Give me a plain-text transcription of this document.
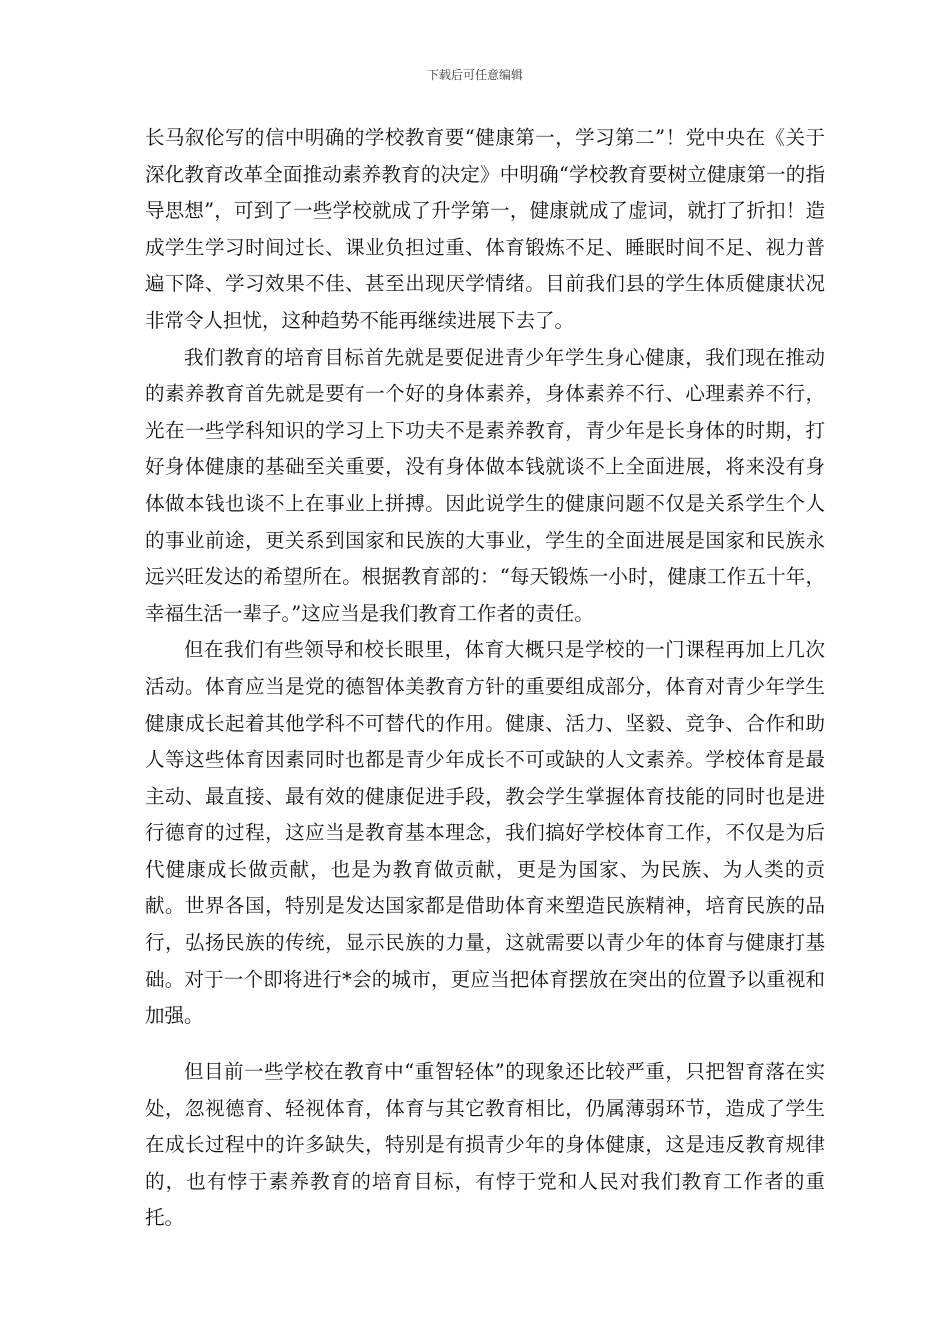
下载后可任意编辑

长马叙伦写的信中明确的学校教育要“健康第一，学习第二”！党中央在《关于深化教育改革全面推动素养教育的决定》中明确“学校教育要树立健康第一的指导思想”，可到了一些学校就成了升学第一，健康就成了虚词，就打了折扣！造成学生学习时间过长、课业负担过重、体育锻炼不足、睡眠时间不足、视力普遍下降、学习效果不佳、甚至出现厌学情绪。目前我们县的学生体质健康状况非常令人担忧，这种趋势不能再继续进展下去了。

我们教育的培育目标首先就是要促进青少年学生身心健康，我们现在推动的素养教育首先就是要有一个好的身体素养，身体素养不行、心理素养不行，光在一些学科知识的学习上下功夫不是素养教育，青少年是长身体的时期，打好身体健康的基础至关重要，没有身体做本钱就谈不上全面进展，将来没有身体做本钱也谈不上在事业上拼搏。因此说学生的健康问题不仅是关系学生个人的事业前途，更关系到国家和民族的大事业，学生的全面进展是国家和民族永远兴旺发达的希望所在。根据教育部的：“每天锻炼一小时，健康工作五十年，幸福生活一辈子。”这应当是我们教育工作者的责任。

但在我们有些领导和校长眼里，体育大概只是学校的一门课程再加上几次活动。体育应当是党的德智体美教育方针的重要组成部分，体育对青少年学生健康成长起着其他学科不可替代的作用。健康、活力、坚毅、竞争、合作和助人等这些体育因素同时也都是青少年成长不可或缺的人文素养。学校体育是最主动、最直接、最有效的健康促进手段，教会学生掌握体育技能的同时也是进行德育的过程，这应当是教育基本理念，我们搞好学校体育工作，不仅是为后代健康成长做贡献，也是为教育做贡献，更是为国家、为民族、为人类的贡献。世界各国，特别是发达国家都是借助体育来塑造民族精神，培育民族的品行，弘扬民族的传统，显示民族的力量，这就需要以青少年的体育与健康打基础。对于一个即将进行*会的城市，更应当把体育摆放在突出的位置予以重视和加强。

但目前一些学校在教育中“重智轻体”的现象还比较严重，只把智育落在实处，忽视德育、轻视体育，体育与其它教育相比，仍属薄弱环节，造成了学生在成长过程中的许多缺失，特别是有损青少年的身体健康，这是违反教育规律的，也有悖于素养教育的培育目标，有悖于党和人民对我们教育工作者的重托。
